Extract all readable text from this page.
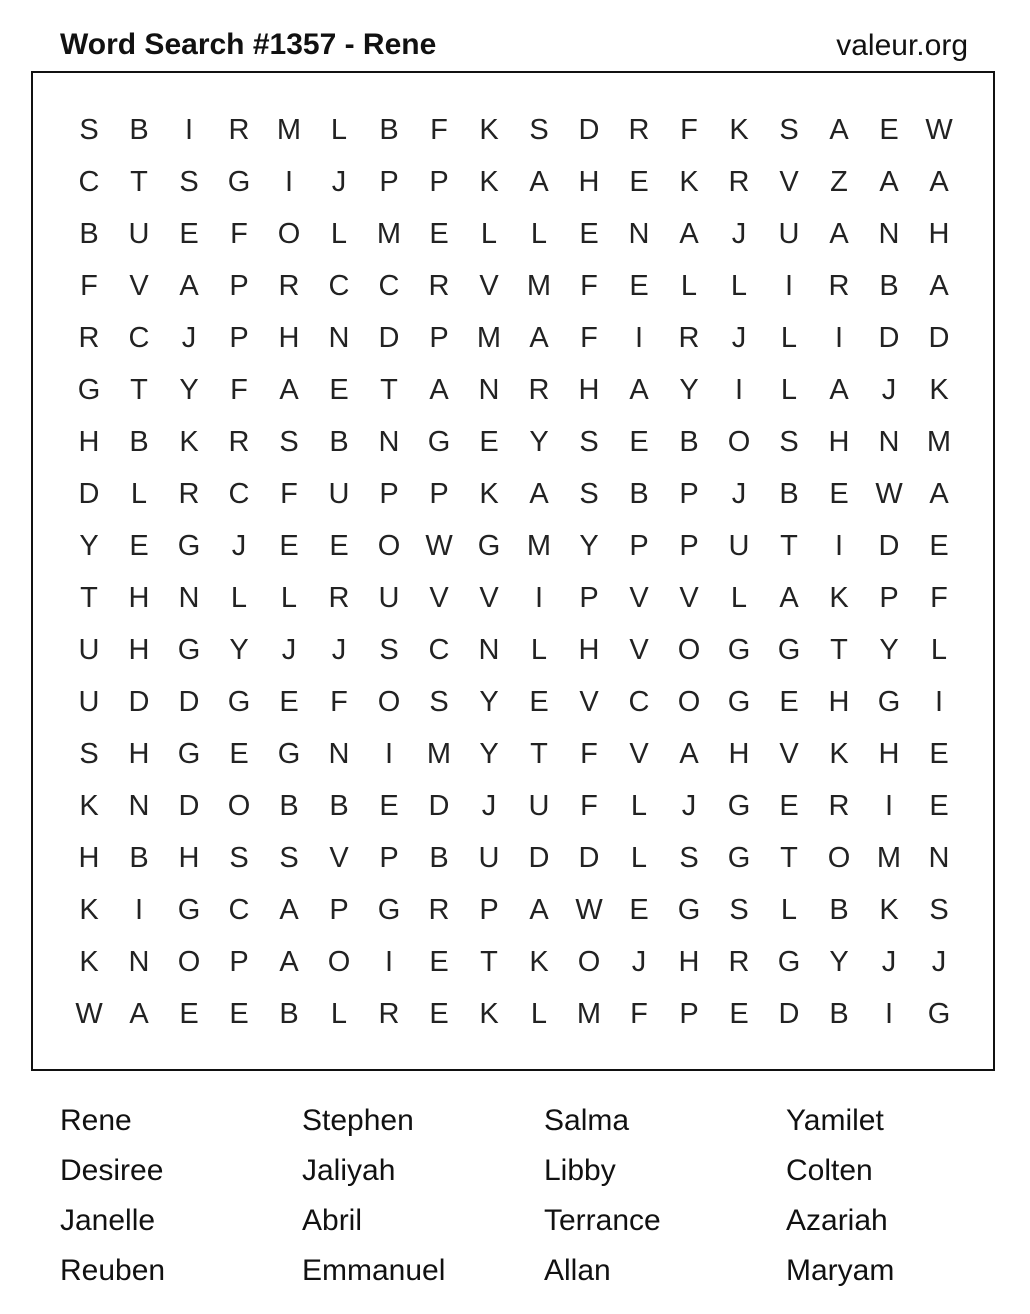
Word Search #1357 - Rene	valeur.org
S	B	I	R M	L	B	F	K	S	D	R	F	K	S	A	E W
C	T	S	G	I	J	P	P	K	A	H	E	K	R	V	Z	A	A
B	U	E	F	O	L	M E	L	L	E	N	A	J	U	A	N	H
F	V	A	P	R	C	C	R	V M	F	E	L	L	I	R	B	A
R	C	J	P	H	N	D	P M A	F	I	R	J	L	I	D	D
G	T	Y	F	A	E	T	A	N	R	H	A	Y	I	L	A	J	K
H	B	K	R	S	B	N G	E	Y	S	E	B	O	S	H	N M
D	L	R	C	F	U	P	P	K	A	S	B	P	J	B	E W A
Y	E	G	J	E	E	O W G M Y	P	P	U	T	I	D	E
T	H	N	L	L	R	U	V	V	I	P	V	V	L	A	K	P	F
U	H G	Y	J	J	S	C	N	L	H	V	O G G	T	Y	L
U	D	D G	E	F	O	S	Y	E	V	C O G	E	H G	I
S	H G	E	G N	I	M Y	T	F	V	A	H	V	K	H	E
K	N	D O	B	B	E	D	J	U	F	L	J	G	E	R	I	E
H	B	H	S	S	V	P	B	U	D	D	L	S	G	T	O M N
K	I	G C	A	P	G R	P	A W E	G	S	L	B	K	S
K	N O	P	A	O	I	E	T	K	O	J	H	R G	Y	J	J
W A	E	E	B	L	R	E	K	L	M	F	P	E	D	B	I	G
Rene	Stephen	Salma	Yamilet
Desiree	Jaliyah	Libby	Colten
Janelle	Abril	Terrance	Azariah
Reuben	Emmanuel	Allan	Maryam
